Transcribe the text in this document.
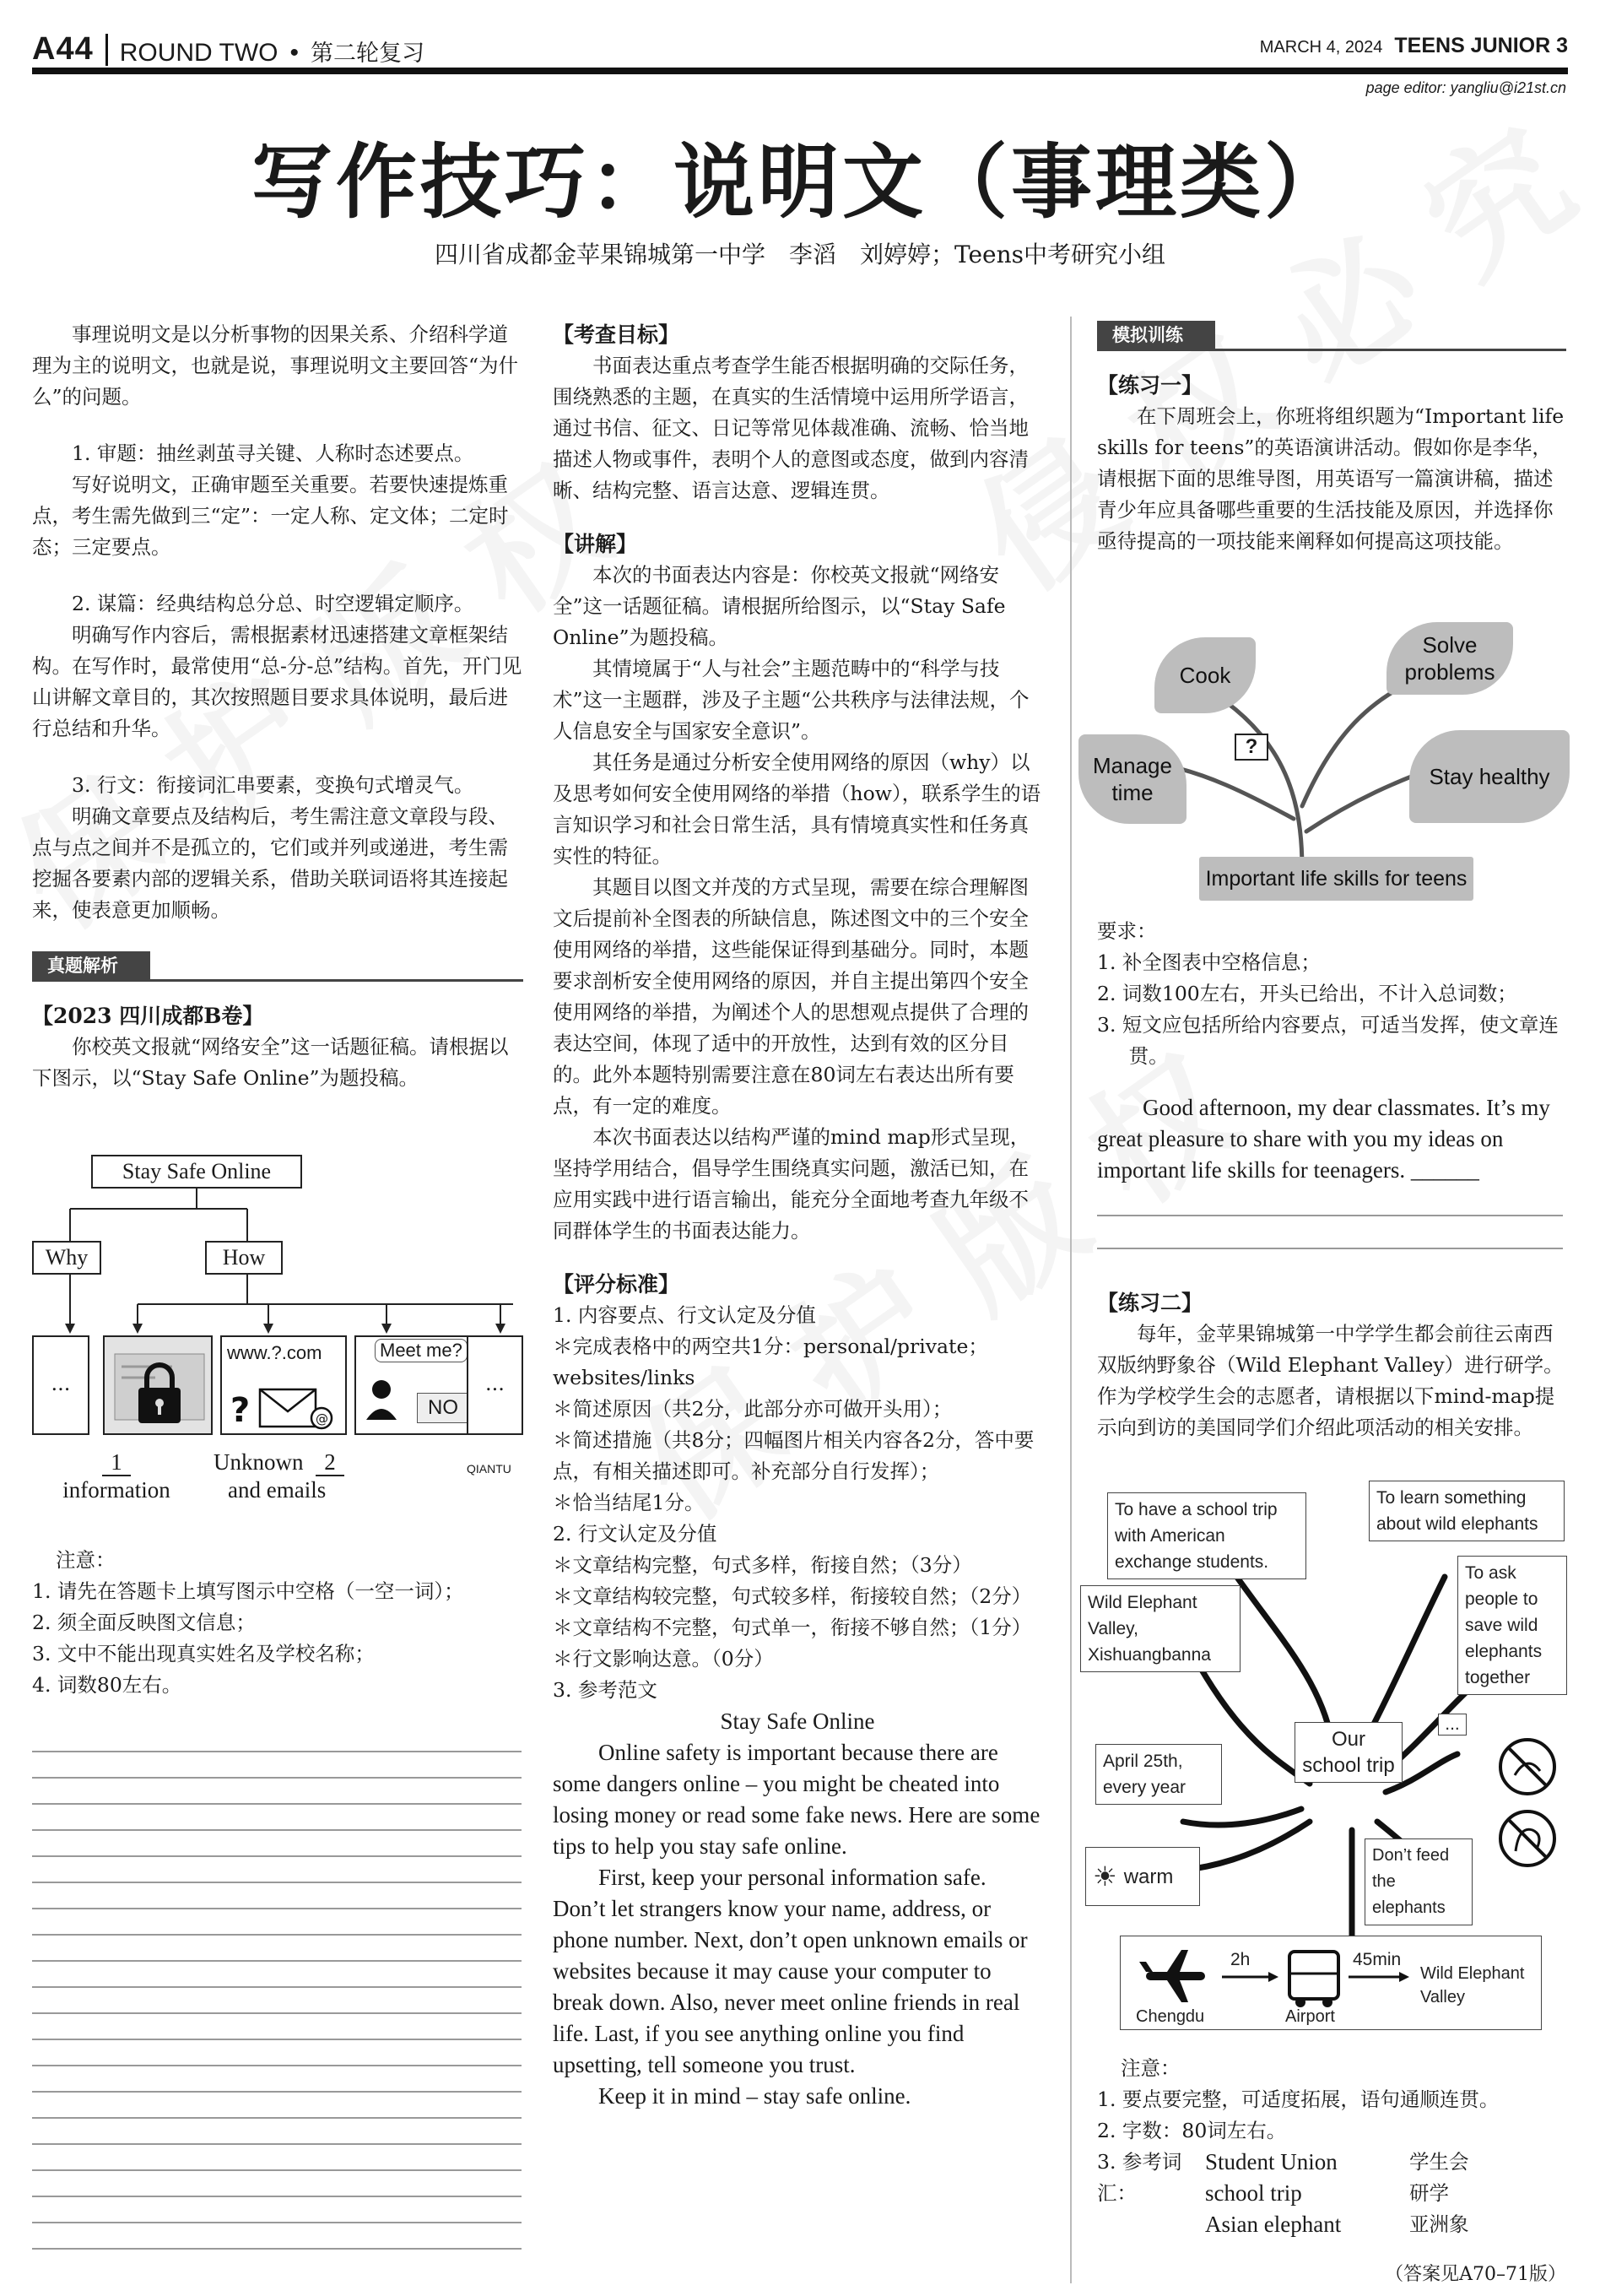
A44 ROUND TWO • 第二轮复习	MARCH 4, 2024 TEENS JUNIOR 3
page editor: yangliu@i21st.cn
写作技巧：说明文（事理类）
四川省成都金苹果锦城第一中学　李滔　刘婷婷；Teens中考研究小组

事理说明文是以分析事物的因果关系、介绍科学道理为主的说明文，也就是说，事理说明文主要回答“为什么”的问题。

1. 审题：抽丝剥茧寻关键、人称时态述要点。

写好说明文，正确审题至关重要。若要快速提炼重点，考生需先做到三“定”：一定人称、定文体；二定时态；三定要点。

2. 谋篇：经典结构总分总、时空逻辑定顺序。

明确写作内容后，需根据素材迅速搭建文章框架结构。在写作时，最常使用“总-分-总”结构。首先，开门见山讲解文章目的，其次按照题目要求具体说明，最后进行总结和升华。

3. 行文：衔接词汇串要素，变换句式增灵气。

明确文章要点及结构后，考生需注意文章段与段、点与点之间并不是孤立的，它们或并列或递进，考生需挖掘各要素内部的逻辑关系，借助关联词语将其连接起来，使表意更加顺畅。

真题解析

【2023 四川成都B卷】

你校英文报就“网络安全”这一话题征稿。请根据以下图示，以“Stay Safe Online”为题投稿。

Stay Safe Online
Why	How
...
www.?.com
?	@
Meet me?
NO
...
1
information
Unknown 2
and emails
QIANTU

注意：

1. 请先在答题卡上填写图示中空格（一空一词）；

2. 须全面反映图文信息；

3. 文中不能出现真实姓名及学校名称；

4. 词数80左右。

【考查目标】

书面表达重点考查学生能否根据明确的交际任务，围绕熟悉的主题，在真实的生活情境中运用所学语言，通过书信、征文、日记等常见体裁准确、流畅、恰当地描述人物或事件，表明个人的意图或态度，做到内容清晰、结构完整、语言达意、逻辑连贯。

【讲解】

本次的书面表达内容是：你校英文报就“网络安全”这一话题征稿。请根据所给图示，以“Stay Safe Online”为题投稿。

其情境属于“人与社会”主题范畴中的“科学与技术”这一主题群，涉及子主题“公共秩序与法律法规，个人信息安全与国家安全意识”。

其任务是通过分析安全使用网络的原因（why）以及思考如何安全使用网络的举措（how），联系学生的语言知识学习和社会日常生活，具有情境真实性和任务真实性的特征。

其题目以图文并茂的方式呈现，需要在综合理解图文后提前补全图表的所缺信息，陈述图文中的三个安全使用网络的举措，这些能保证得到基础分。同时，本题要求剖析安全使用网络的原因，并自主提出第四个安全使用网络的举措，为阐述个人的思想观点提供了合理的表达空间，体现了适中的开放性，达到有效的区分目的。此外本题特别需要注意在80词左右表达出所有要点，有一定的难度。

本次书面表达以结构严谨的mind map形式呈现，坚持学用结合，倡导学生围绕真实问题，激活已知，在应用实践中进行语言输出，能充分全面地考查九年级不同群体学生的书面表达能力。

【评分标准】

1. 内容要点、行文认定及分值

＊完成表格中的两空共1分：personal/private；websites/links

＊简述原因（共2分，此部分亦可做开头用）；

＊简述措施（共8分；四幅图片相关内容各2分，答中要点，有相关描述即可。补充部分自行发挥）；

＊恰当结尾1分。

2. 行文认定及分值

＊文章结构完整，句式多样，衔接自然；（3分）

＊文章结构较完整，句式较多样，衔接较自然；（2分）

＊文章结构不完整，句式单一，衔接不够自然；（1分）

＊行文影响达意。（0分）

3. 参考范文

Stay Safe Online

Online safety is important because there are some dangers online – you might be cheated into losing money or read some fake news. Here are some tips to help you stay safe online.

First, keep your personal information safe. Don’t let strangers know your name, address, or phone number. Next, don’t open unknown emails or websites because it may cause your computer to break down. Also, never meet online friends in real life. Last, if you see anything online you find upsetting, tell someone you trust.

Keep it in mind – stay safe online.

模拟训练

【练习一】

在下周班会上，你班将组织题为“Important life skills for teens”的英语演讲活动。假如你是李华，请根据下面的思维导图，用英语写一篇演讲稿，描述青少年应具备哪些重要的生活技能及原因，并选择你亟待提高的一项技能来阐释如何提高这项技能。

Cook
Solve problems
Manage time
Stay healthy
?
Important life skills for teens

要求：

1. 补全图表中空格信息；

2. 词数100左右，开头已给出，不计入总词数；

3. 短文应包括所给内容要点，可适当发挥，使文章连贯。

Good afternoon, my dear classmates. It’s my great pleasure to share with you my ideas on important life skills for teenagers. ______

【练习二】

每年，金苹果锦城第一中学学生都会前往云南西双版纳野象谷（Wild Elephant Valley）进行研学。作为学校学生会的志愿者，请根据以下mind-map提示向到访的美国同学们介绍此项活动的相关安排。

To have a school trip with American exchange students.
To learn something about wild elephants
Wild Elephant Valley, Xishuangbanna
To ask people to save wild elephants together
...
April 25th, every year
Our school trip
☀ warm
Don’t feed the elephants
Chengdu
2h
Airport
45min
Wild Elephant Valley

注意：

1. 要点要完整，可适度拓展，语句通顺连贯。

2. 字数：80词左右。

3. 参考词汇：
Student Union	学生会
school trip	研学
Asian elephant	亚洲象
（答案见A70–71版）
